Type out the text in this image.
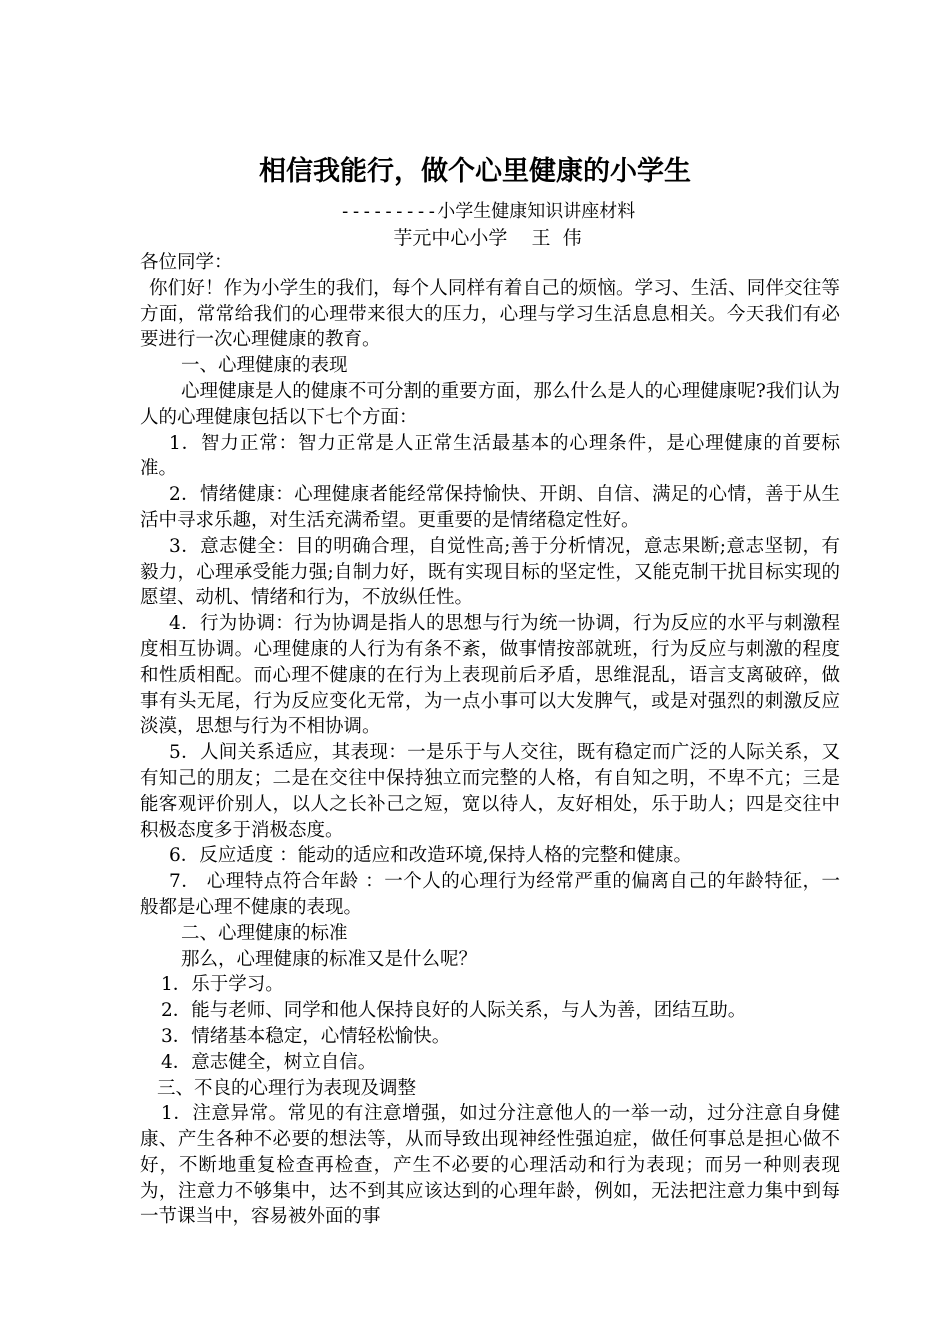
相信我能行，做个心里健康的小学生
---------小学生健康知识讲座材料
芋元中心小学    王  伟

各位同学：

你们好！作为小学生的我们，每个人同样有着自己的烦恼。学习、生活、同伴交往等方面，常常给我们的心理带来很大的压力，心理与学习生活息息相关。今天我们有必要进行一次心理健康的教育。

一、心理健康的表现

心理健康是人的健康不可分割的重要方面，那么什么是人的心理健康呢?我们认为人的心理健康包括以下七个方面：

1．智力正常：智力正常是人正常生活最基本的心理条件，是心理健康的首要标准。

2．情绪健康：心理健康者能经常保持愉快、开朗、自信、满足的心情，善于从生活中寻求乐趣，对生活充满希望。更重要的是情绪稳定性好。

3．意志健全：目的明确合理，自觉性高;善于分析情况，意志果断;意志坚韧，有毅力，心理承受能力强;自制力好，既有实现目标的坚定性，又能克制干扰目标实现的愿望、动机、情绪和行为，不放纵任性。

4．行为协调：行为协调是指人的思想与行为统一协调，行为反应的水平与刺激程度相互协调。心理健康的人行为有条不紊，做事情按部就班，行为反应与刺激的程度和性质相配。而心理不健康的在行为上表现前后矛盾，思维混乱，语言支离破碎，做事有头无尾，行为反应变化无常，为一点小事可以大发脾气，或是对强烈的刺激反应淡漠，思想与行为不相协调。

5．人间关系适应，其表现：一是乐于与人交往，既有稳定而广泛的人际关系，又有知己的朋友；二是在交往中保持独立而完整的人格，有自知之明，不卑不亢；三是能客观评价别人，以人之长补己之短，宽以待人，友好相处，乐于助人；四是交往中积极态度多于消极态度。

6．反应适度 ：能动的适应和改造环境,保持人格的完整和健康。

7． 心理特点符合年龄 ：一个人的心理行为经常严重的偏离自己的年龄特征，一般都是心理不健康的表现。

二、心理健康的标准

那么，心理健康的标准又是什么呢？

1．乐于学习。

2．能与老师、同学和他人保持良好的人际关系，与人为善，团结互助。

3．情绪基本稳定，心情轻松愉快。

4．意志健全，树立自信。

三、不良的心理行为表现及调整

1．注意异常。常见的有注意增强，如过分注意他人的一举一动，过分注意自身健康、产生各种不必要的想法等，从而导致出现神经性强迫症，做任何事总是担心做不好，不断地重复检查再检查，产生不必要的心理活动和行为表现；而另一种则表现为，注意力不够集中，达不到其应该达到的心理年龄，例如，无法把注意力集中到每一节课当中，容易被外面的事
